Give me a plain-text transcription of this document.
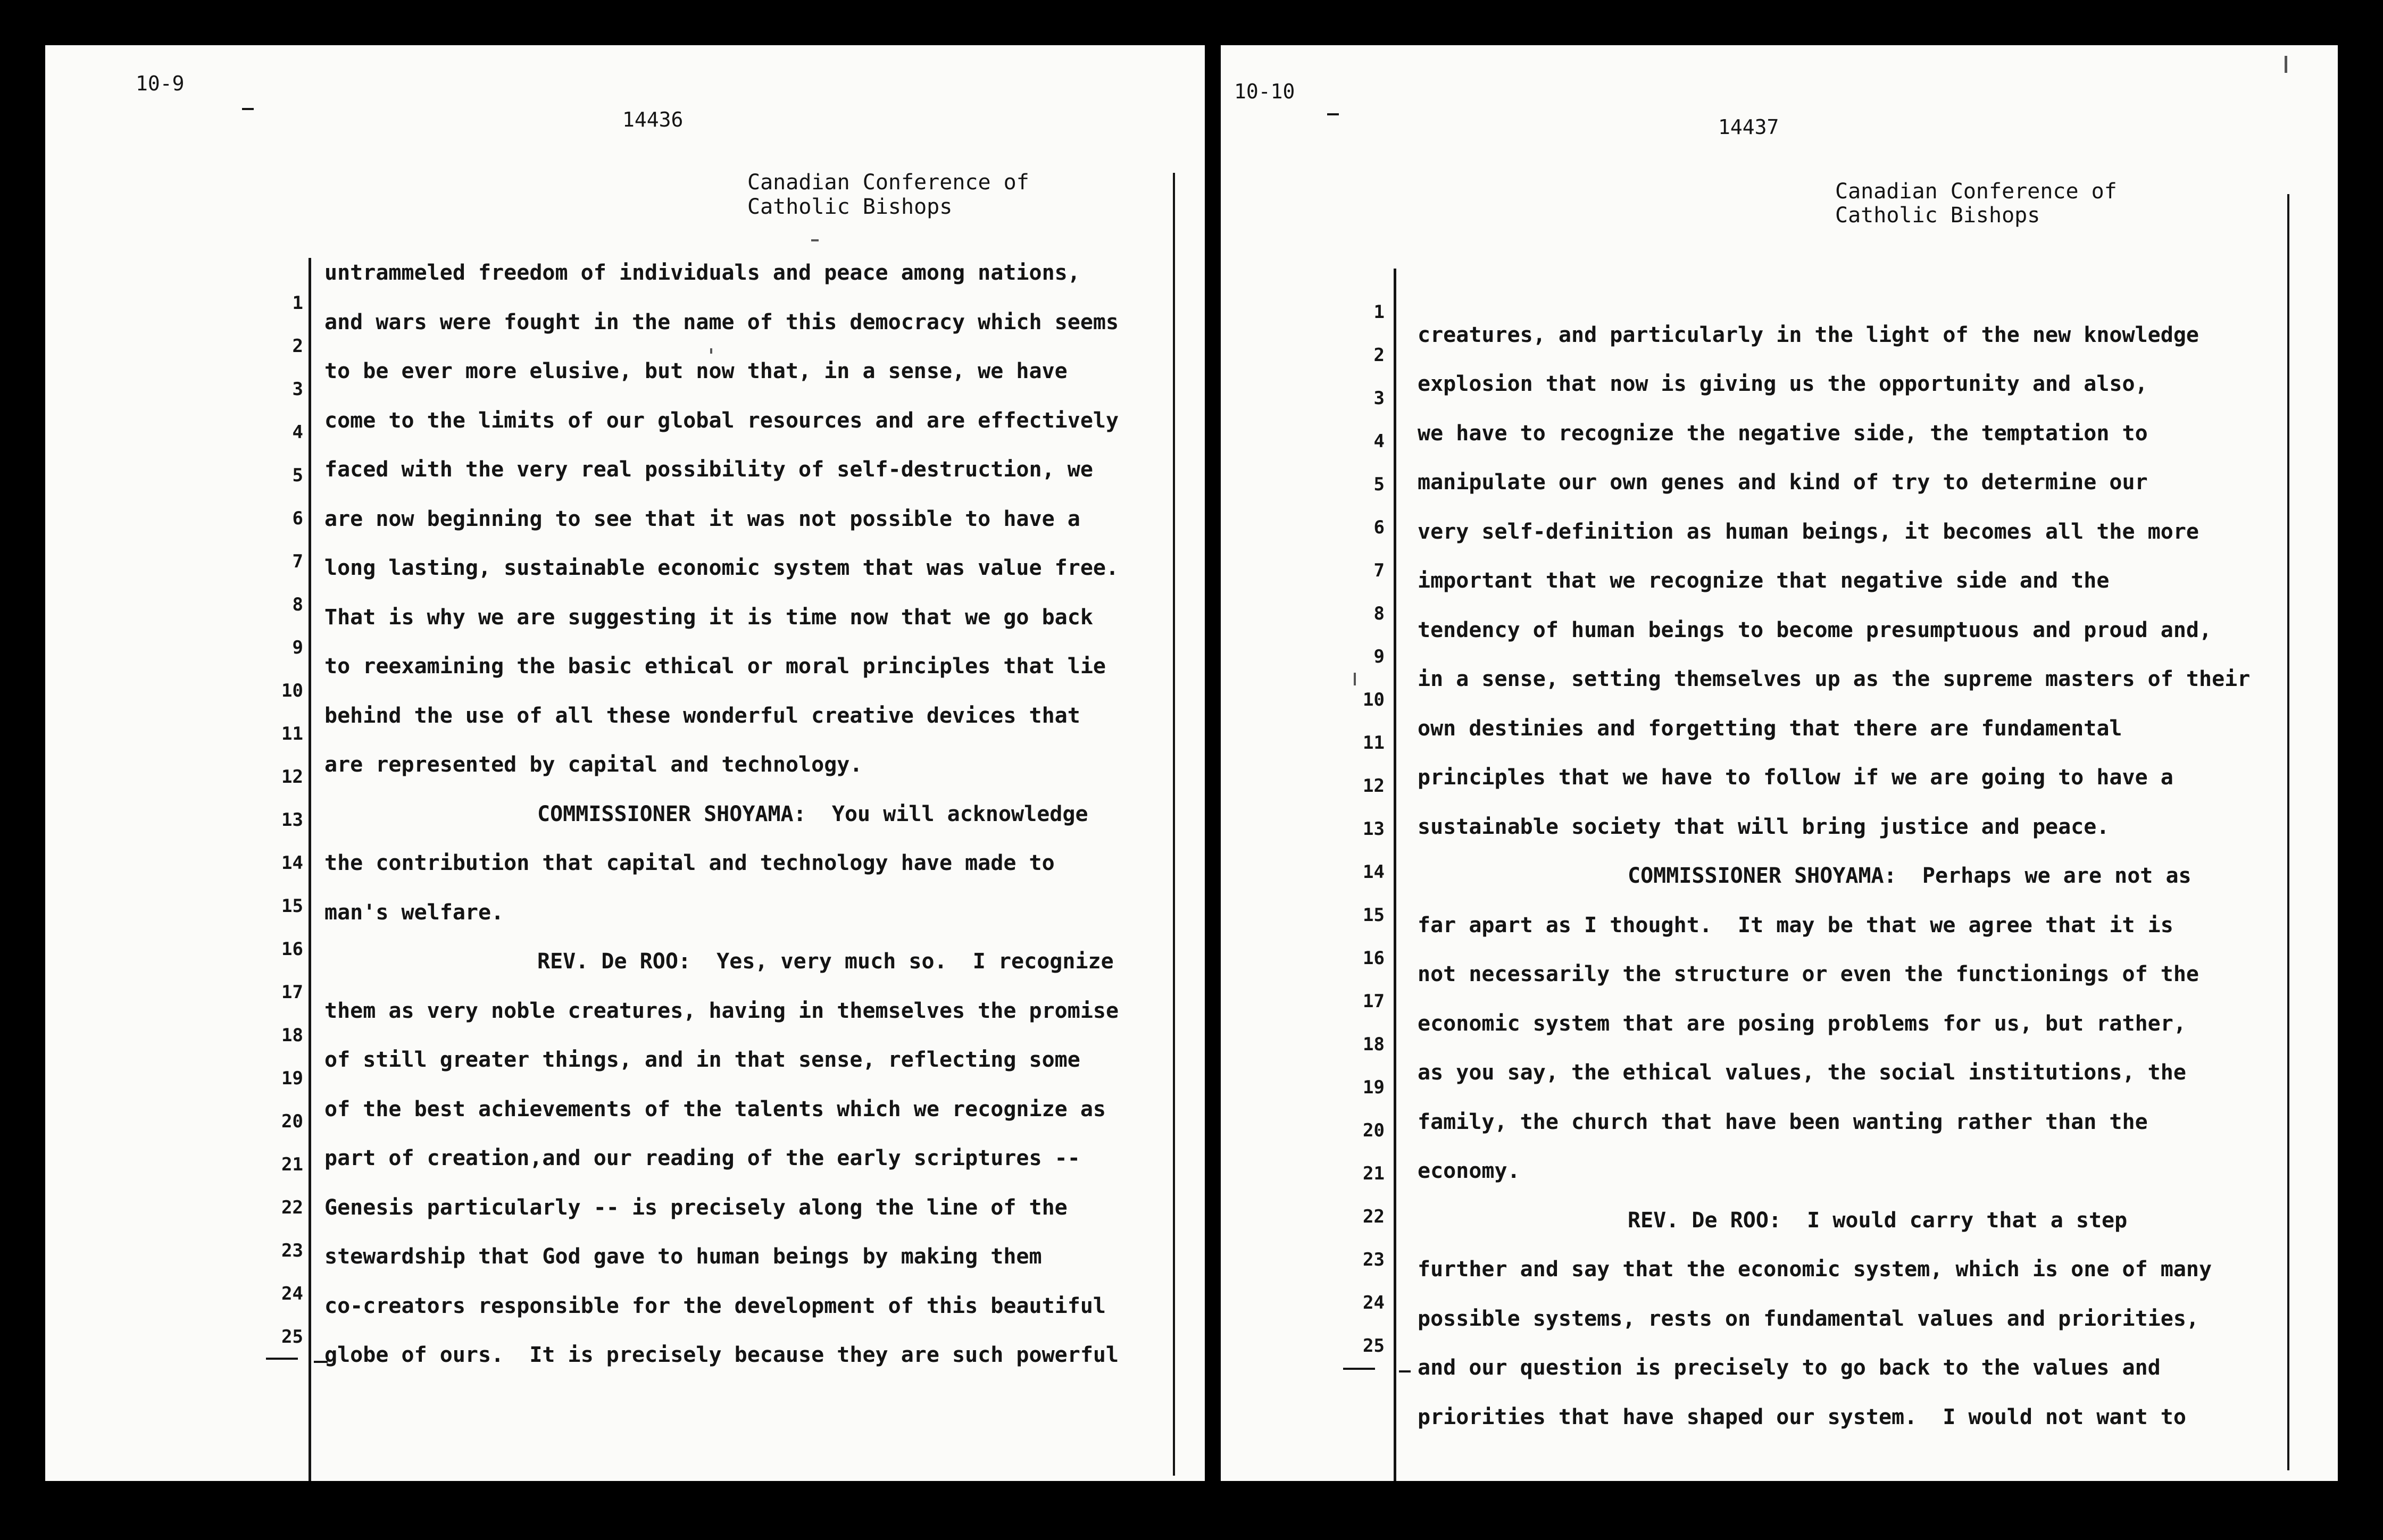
10-9
14436
Canadian Conference of
Catholic Bishops
1
2
3
4
5
6
7
8
9
10
11
12
13
14
15
16
17
18
19
20
21
22
23
24
25
untrammeled freedom of individuals and peace among nations,
and wars were fought in the name of this democracy which seems
to be ever more elusive, but now that, in a sense, we have
come to the limits of our global resources and are effectively
faced with the very real possibility of self-destruction, we
are now beginning to see that it was not possible to have a
long lasting, sustainable economic system that was value free.
That is why we are suggesting it is time now that we go back
to reexamining the basic ethical or moral principles that lie
behind the use of all these wonderful creative devices that
are represented by capital and technology.
COMMISSIONER SHOYAMA:  You will acknowledge
the contribution that capital and technology have made to
man's welfare.
REV. De ROO:  Yes, very much so.  I recognize
them as very noble creatures, having in themselves the promise
of still greater things, and in that sense, reflecting some
of the best achievements of the talents which we recognize as
part of creation,and our reading of the early scriptures --
Genesis particularly -- is precisely along the line of the
stewardship that God gave to human beings by making them
co-creators responsible for the development of this beautiful
globe of ours.  It is precisely because they are such powerful
10-10
14437
Canadian Conference of
Catholic Bishops
1
2
3
4
5
6
7
8
9
10
11
12
13
14
15
16
17
18
19
20
21
22
23
24
25
creatures, and particularly in the light of the new knowledge
explosion that now is giving us the opportunity and also,
we have to recognize the negative side, the temptation to
manipulate our own genes and kind of try to determine our
very self-definition as human beings, it becomes all the more
important that we recognize that negative side and the
tendency of human beings to become presumptuous and proud and,
in a sense, setting themselves up as the supreme masters of their
own destinies and forgetting that there are fundamental
principles that we have to follow if we are going to have a
sustainable society that will bring justice and peace.
COMMISSIONER SHOYAMA:  Perhaps we are not as
far apart as I thought.  It may be that we agree that it is
not necessarily the structure or even the functionings of the
economic system that are posing problems for us, but rather,
as you say, the ethical values, the social institutions, the
family, the church that have been wanting rather than the
economy.
REV. De ROO:  I would carry that a step
further and say that the economic system, which is one of many
possible systems, rests on fundamental values and priorities,
and our question is precisely to go back to the values and
priorities that have shaped our system.  I would not want to
